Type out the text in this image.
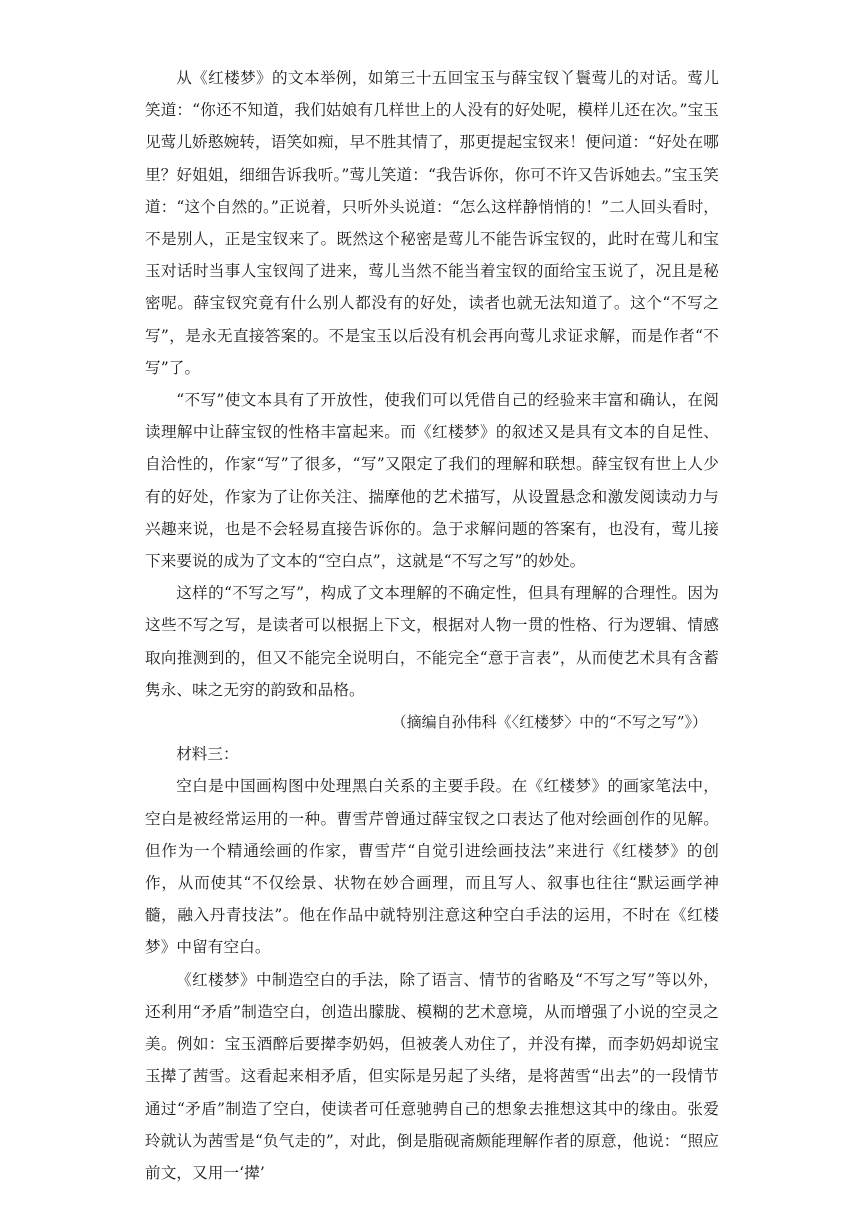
从《红楼梦》的文本举例，如第三十五回宝玉与薛宝钗丫鬟莺儿的对话。莺儿笑道：“你还不知道，我们姑娘有几样世上的人没有的好处呢，模样儿还在次。”宝玉见莺儿娇憨婉转，语笑如痴，早不胜其情了，那更提起宝钗来！便问道：“好处在哪里？好姐姐，细细告诉我听。”莺儿笑道：“我告诉你，你可不许又告诉她去。”宝玉笑道：“这个自然的。”正说着，只听外头说道：“怎么这样静悄悄的！”二人回头看时，不是别人，正是宝钗来了。既然这个秘密是莺儿不能告诉宝钗的，此时在莺儿和宝玉对话时当事人宝钗闯了进来，莺儿当然不能当着宝钗的面给宝玉说了，况且是秘密呢。薛宝钗究竟有什么别人都没有的好处，读者也就无法知道了。这个“不写之写”，是永无直接答案的。不是宝玉以后没有机会再向莺儿求证求解，而是作者“不写”了。

“不写”使文本具有了开放性，使我们可以凭借自己的经验来丰富和确认，在阅读理解中让薛宝钗的性格丰富起来。而《红楼梦》的叙述又是具有文本的自足性、自洽性的，作家“写”了很多，“写”又限定了我们的理解和联想。薛宝钗有世上人少有的好处，作家为了让你关注、揣摩他的艺术描写，从设置悬念和激发阅读动力与兴趣来说，也是不会轻易直接告诉你的。急于求解问题的答案有，也没有，莺儿接下来要说的成为了文本的“空白点”，这就是“不写之写”的妙处。

这样的“不写之写”，构成了文本理解的不确定性，但具有理解的合理性。因为这些不写之写，是读者可以根据上下文，根据对人物一贯的性格、行为逻辑、情感取向推测到的，但又不能完全说明白，不能完全“意于言表”，从而使艺术具有含蓄隽永、味之无穷的韵致和品格。

（摘编自孙伟科《〈红楼梦〉中的“不写之写”》）

材料三：

空白是中国画构图中处理黑白关系的主要手段。在《红楼梦》的画家笔法中，空白是被经常运用的一种。曹雪芹曾通过薛宝钗之口表达了他对绘画创作的见解。但作为一个精通绘画的作家，曹雪芹“自觉引进绘画技法”来进行《红楼梦》的创作，从而使其“不仅绘景、状物在妙合画理，而且写人、叙事也往往“默运画学神髓，融入丹青技法”。他在作品中就特别注意这种空白手法的运用，不时在《红楼梦》中留有空白。

《红楼梦》中制造空白的手法，除了语言、情节的省略及“不写之写”等以外，还利用“矛盾”制造空白，创造出朦胧、模糊的艺术意境，从而增强了小说的空灵之美。例如：宝玉酒醉后要撵李奶妈，但被袭人劝住了，并没有撵，而李奶妈却说宝玉撵了茜雪。这看起来相矛盾，但实际是另起了头绪，是将茜雪“出去”的一段情节通过“矛盾”制造了空白，使读者可任意驰骋自己的想象去推想这其中的缘由。张爱玲就认为茜雪是“负气走的”，对此，倒是脂砚斋颇能理解作者的原意，他说：“照应前文，又用一‘撵’
